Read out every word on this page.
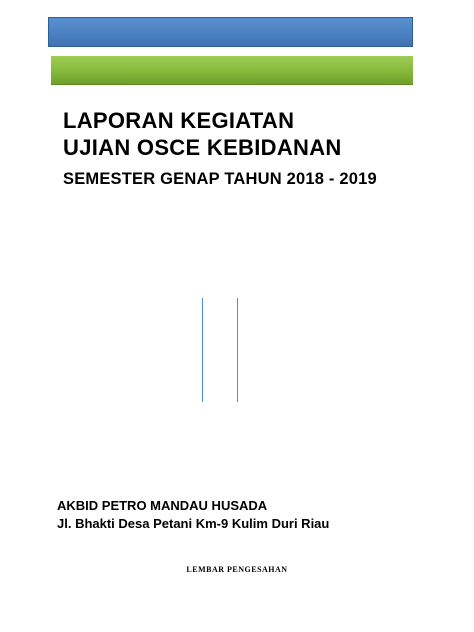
LAPORAN KEGIATAN

UJIAN OSCE KEBIDANAN

SEMESTER GENAP TAHUN 2018 - 2019

AKBID PETRO MANDAU HUSADA

Jl. Bhakti Desa Petani Km-9 Kulim Duri Riau

LEMBAR PENGESAHAN
